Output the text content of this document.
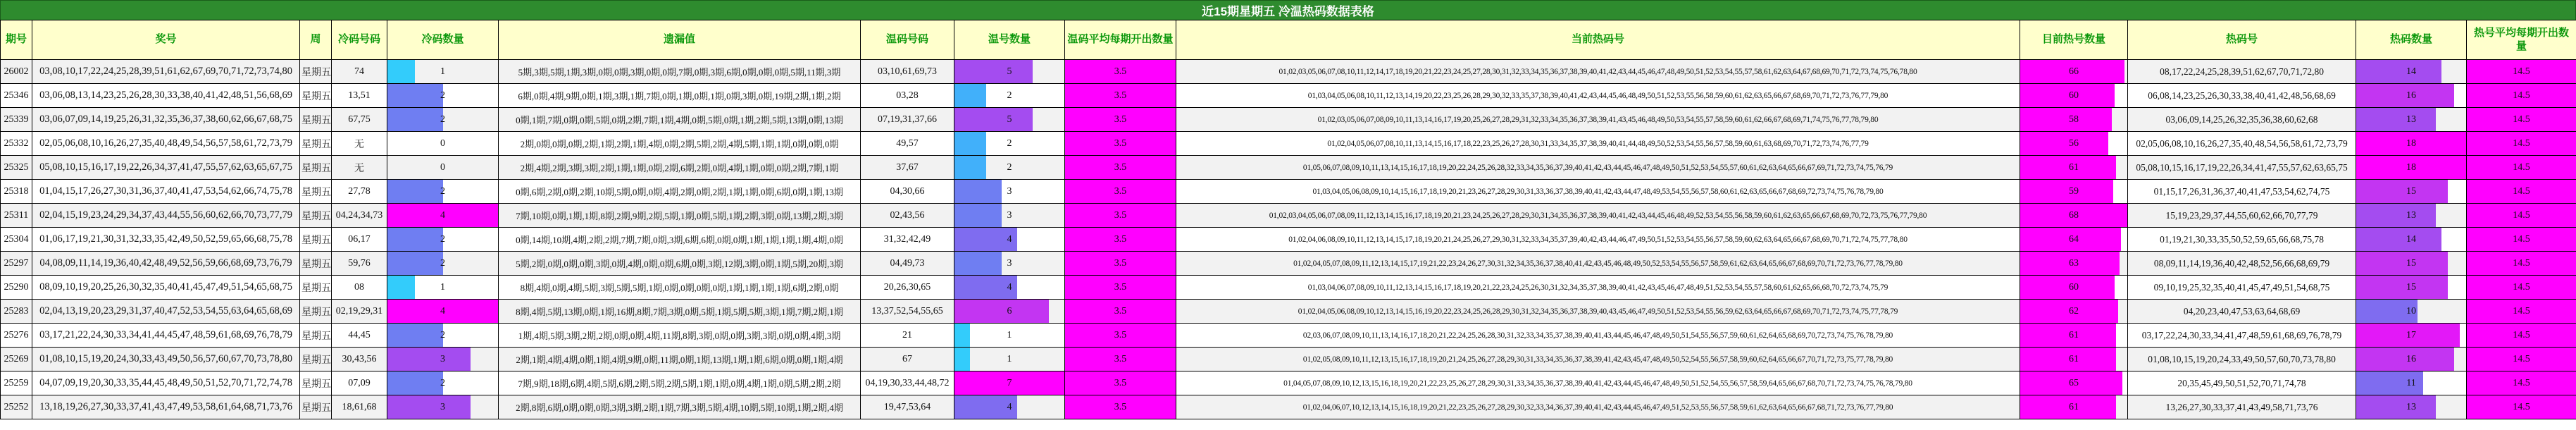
近15期星期五 冷温热码数据表格
期号	奖号	周	冷码号码	冷码数量	遗漏值	温码号码	温号数量	温码平均每期开出数量	当前热码号	目前热号数量	热码号	热码数量	热号平均每期开出数量
26002	03,08,10,17,22,24,25,28,39,51,61,62,67,69,70,71,72,73,74,80	星期五	74	1	5期,3期,5期,1期,3期,0期,0期,3期,0期,0期,7期,0期,3期,6期,0期,0期,0期,5期,11期,3期	03,10,61,69,73	5	3.5	01,02,03,05,06,07,08,10,11,12,14,17,18,19,20,21,22,23,24,25,27,28,30,31,32,33,34,35,36,37,38,39,40,41,42,43,44,45,46,47,48,49,50,51,52,53,54,55,57,58,61,62,63,64,67,68,69,70,71,72,73,74,75,76,78,80	66	08,17,22,24,25,28,39,51,62,67,70,71,72,80	14	14.5
25346	03,06,08,13,14,23,25,26,28,30,33,38,40,41,42,48,51,56,68,69	星期五	13,51	2	6期,0期,4期,9期,0期,1期,3期,1期,7期,0期,1期,0期,1期,0期,3期,0期,19期,2期,1期,2期	03,28	2	3.5	01,03,04,05,06,08,10,11,12,13,14,19,20,22,23,25,26,28,29,30,32,33,35,37,38,39,40,41,42,43,44,45,46,48,49,50,51,52,53,55,56,58,59,60,61,62,63,65,66,67,68,69,70,71,72,73,76,77,79,80	60	06,08,14,23,25,26,30,33,38,40,41,42,48,56,68,69	16	14.5
25339	03,06,07,09,14,19,25,26,31,32,35,36,37,38,60,62,66,67,68,75	星期五	67,75	2	0期,1期,7期,0期,0期,5期,0期,2期,7期,1期,4期,0期,5期,0期,1期,2期,5期,13期,0期,13期	07,19,31,37,66	5	3.5	01,02,03,05,06,07,08,09,10,11,13,14,16,17,19,20,25,26,27,28,29,31,32,33,34,35,36,37,38,39,41,43,45,46,48,49,50,53,54,55,57,58,59,60,61,62,66,67,68,69,71,74,75,76,77,78,79,80	58	03,06,09,14,25,26,32,35,36,38,60,62,68	13	14.5
25332	02,05,06,08,10,16,26,27,35,40,48,49,54,56,57,58,61,72,73,79	星期五	无	0	2期,0期,0期,0期,2期,1期,2期,1期,4期,0期,2期,5期,2期,4期,5期,1期,1期,0期,0期,0期	49,57	2	3.5	01,02,04,05,06,07,08,10,11,13,14,15,16,17,18,22,23,25,26,27,28,30,31,33,34,35,37,38,39,40,41,44,48,49,50,52,53,54,55,56,57,58,59,60,61,63,68,69,70,71,72,73,74,76,77,79	56	02,05,06,08,10,16,26,27,35,40,48,54,56,58,61,72,73,79	18	14.5
25325	05,08,10,15,16,17,19,22,26,34,37,41,47,55,57,62,63,65,67,75	星期五	无	0	2期,4期,2期,3期,3期,2期,1期,1期,0期,2期,6期,2期,0期,4期,1期,0期,0期,2期,7期,1期	37,67	2	3.5	01,05,06,07,08,09,10,11,13,14,15,16,17,18,19,20,22,24,25,26,28,32,33,34,35,36,37,39,40,41,42,43,44,45,46,47,48,49,50,51,52,53,54,55,57,60,61,62,63,64,65,66,67,69,71,72,73,74,75,76,79	61	05,08,10,15,16,17,19,22,26,34,41,47,55,57,62,63,65,75	18	14.5
25318	01,04,15,17,26,27,30,31,36,37,40,41,47,53,54,62,66,74,75,78	星期五	27,78	2	0期,6期,2期,0期,2期,10期,5期,0期,0期,4期,2期,0期,2期,1期,1期,0期,6期,0期,1期,13期	04,30,66	3	3.5	01,03,04,05,06,08,09,10,14,15,16,17,18,19,20,21,23,26,27,28,29,30,31,33,36,37,38,39,40,41,42,43,44,47,48,49,53,54,55,56,57,58,60,61,62,63,65,66,67,68,69,72,73,74,75,76,78,79,80	59	01,15,17,26,31,36,37,40,41,47,53,54,62,74,75	15	14.5
25311	02,04,15,19,23,24,29,34,37,43,44,55,56,60,62,66,70,73,77,79	星期五	04,24,34,73	4	7期,10期,0期,1期,1期,8期,2期,9期,2期,5期,1期,0期,5期,1期,2期,3期,0期,13期,2期,3期	02,43,56	3	3.5	01,02,03,04,05,06,07,08,09,11,12,13,14,15,16,17,18,19,20,21,23,24,25,26,27,28,29,30,31,34,35,36,37,38,39,40,41,42,43,44,45,46,48,49,52,53,54,55,56,58,59,60,61,62,63,65,66,67,68,69,70,72,73,75,76,77,79,80	68	15,19,23,29,37,44,55,60,62,66,70,77,79	13	14.5
25304	01,06,17,19,21,30,31,32,33,35,42,49,50,52,59,65,66,68,75,78	星期五	06,17	2	0期,14期,10期,4期,2期,2期,7期,7期,0期,3期,6期,6期,0期,0期,1期,1期,1期,1期,4期,0期	31,32,42,49	4	3.5	01,02,04,06,08,09,10,11,12,13,14,15,17,18,19,20,21,24,25,26,27,29,30,31,32,33,34,35,37,39,40,42,43,44,46,47,49,50,51,52,53,54,55,56,57,58,59,60,62,63,64,65,66,67,68,69,70,71,72,74,75,77,78,80	64	01,19,21,30,33,35,50,52,59,65,66,68,75,78	14	14.5
25297	04,08,09,11,14,19,36,40,42,48,49,52,56,59,66,68,69,73,76,79	星期五	59,76	2	5期,2期,0期,0期,0期,3期,0期,4期,0期,0期,6期,0期,3期,12期,3期,0期,1期,5期,20期,3期	04,49,73	3	3.5	01,02,04,05,07,08,09,11,12,13,14,15,17,19,21,22,23,24,26,27,30,31,32,34,35,36,37,38,40,41,42,43,45,46,48,49,50,52,53,54,55,56,57,58,59,61,62,63,64,65,66,67,68,69,70,71,72,73,76,77,78,79,80	63	08,09,11,14,19,36,40,42,48,52,56,66,68,69,79	15	14.5
25290	08,09,10,19,20,25,26,30,32,35,40,41,45,47,49,51,54,65,68,75	星期五	08	1	8期,4期,0期,4期,5期,3期,5期,5期,1期,0期,0期,0期,0期,1期,1期,1期,1期,6期,2期,0期	20,26,30,65	4	3.5	01,03,04,06,07,08,09,10,11,12,13,14,15,16,17,18,19,20,21,22,23,24,25,26,30,31,32,34,35,37,38,39,40,41,42,43,45,46,47,48,49,51,52,53,54,55,57,58,60,61,62,65,66,68,70,72,73,74,75,79	60	09,10,19,25,32,35,40,41,45,47,49,51,54,68,75	15	14.5
25283	02,04,13,19,20,23,29,31,37,40,47,52,53,54,55,63,64,65,68,69	星期五	02,19,29,31	4	8期,4期,5期,13期,0期,1期,16期,8期,7期,3期,0期,5期,1期,5期,5期,3期,1期,7期,2期,1期	13,37,52,54,55,65	6	3.5	01,02,04,05,06,08,09,10,12,13,14,15,16,19,20,22,23,24,25,26,28,29,30,31,32,34,35,36,37,38,39,40,43,45,46,47,49,50,51,52,53,54,55,56,59,62,63,64,65,66,67,68,69,70,71,72,73,74,75,77,78,79	62	04,20,23,40,47,53,63,64,68,69	10	14.5
25276	03,17,21,22,24,30,33,34,41,44,45,47,48,59,61,68,69,76,78,79	星期五	44,45	2	1期,4期,5期,3期,2期,2期,0期,0期,4期,11期,8期,3期,0期,0期,3期,3期,0期,0期,4期,3期	21	1	3.5	02,03,06,07,08,09,10,11,13,14,16,17,18,20,21,22,24,25,26,28,30,31,32,33,34,35,37,38,39,40,41,43,44,45,46,47,48,49,50,51,54,55,56,57,59,60,61,62,64,65,68,69,70,72,73,74,75,76,78,79,80	61	03,17,22,24,30,33,34,41,47,48,59,61,68,69,76,78,79	17	14.5
25269	01,08,10,15,19,20,24,30,33,43,49,50,56,57,60,67,70,73,78,80	星期五	30,43,56	3	2期,1期,4期,4期,0期,1期,4期,9期,0期,11期,0期,1期,13期,1期,1期,6期,0期,0期,1期,4期	67	1	3.5	01,02,05,08,09,10,11,12,13,15,16,17,18,19,20,21,24,25,26,27,28,29,30,31,33,34,35,36,37,38,39,41,42,43,45,47,48,49,50,52,54,55,56,57,58,59,60,62,64,65,66,67,70,71,72,73,75,77,78,79,80	61	01,08,10,15,19,20,24,33,49,50,57,60,70,73,78,80	16	14.5
25259	04,07,09,19,20,30,33,35,44,45,48,49,50,51,52,70,71,72,74,78	星期五	07,09	2	7期,9期,18期,6期,4期,5期,6期,2期,5期,2期,5期,1期,1期,0期,4期,1期,0期,5期,2期,2期	04,19,30,33,44,48,72	7	3.5	01,04,05,07,08,09,10,12,13,15,16,18,19,20,21,22,23,25,26,27,28,29,30,31,33,34,35,36,37,38,39,40,41,42,43,44,45,46,47,48,49,50,51,52,54,55,56,57,58,59,64,65,66,67,68,70,71,72,73,74,75,76,78,79,80	65	20,35,45,49,50,51,52,70,71,74,78	11	14.5
25252	13,18,19,26,27,30,33,37,41,43,47,49,53,58,61,64,68,71,73,76	星期五	18,61,68	3	2期,8期,6期,0期,0期,0期,3期,3期,2期,1期,7期,3期,5期,4期,10期,5期,10期,1期,2期,4期	19,47,53,64	4	3.5	01,02,04,06,07,10,12,13,14,15,16,18,19,20,21,22,23,25,26,27,28,29,30,32,33,34,36,37,39,40,41,42,43,44,45,46,47,49,51,52,53,55,56,57,58,59,61,62,63,64,65,66,67,68,71,72,73,76,77,79,80	61	13,26,27,30,33,37,41,43,49,58,71,73,76	13	14.5
